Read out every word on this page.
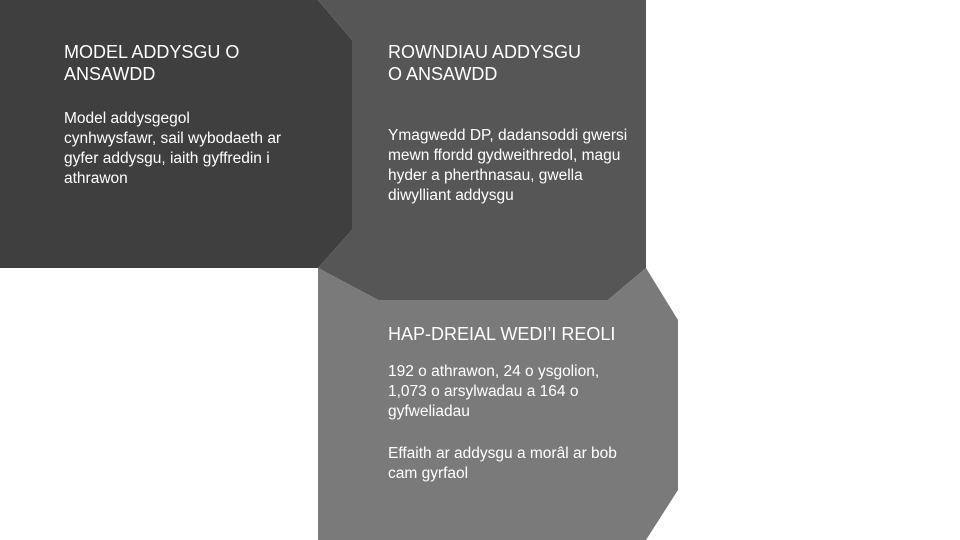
MODEL ADDYSGU O ANSAWDD

Model addysgegol cynhwysfawr, sail wybodaeth ar gyfer addysgu, iaith gyffredin i athrawon

ROWNDIAU ADDYSGU O ANSAWDD

Ymagwedd DP, dadansoddi gwersi mewn ffordd gydweithredol, magu hyder a pherthnasau, gwella diwylliant addysgu

HAP-DREIAL WEDI’I REOLI

192 o athrawon, 24 o ysgolion, 1,073 o arsylwadau a 164 o gyfweliadau

Effaith ar addysgu a morâl ar bob cam gyrfaol
